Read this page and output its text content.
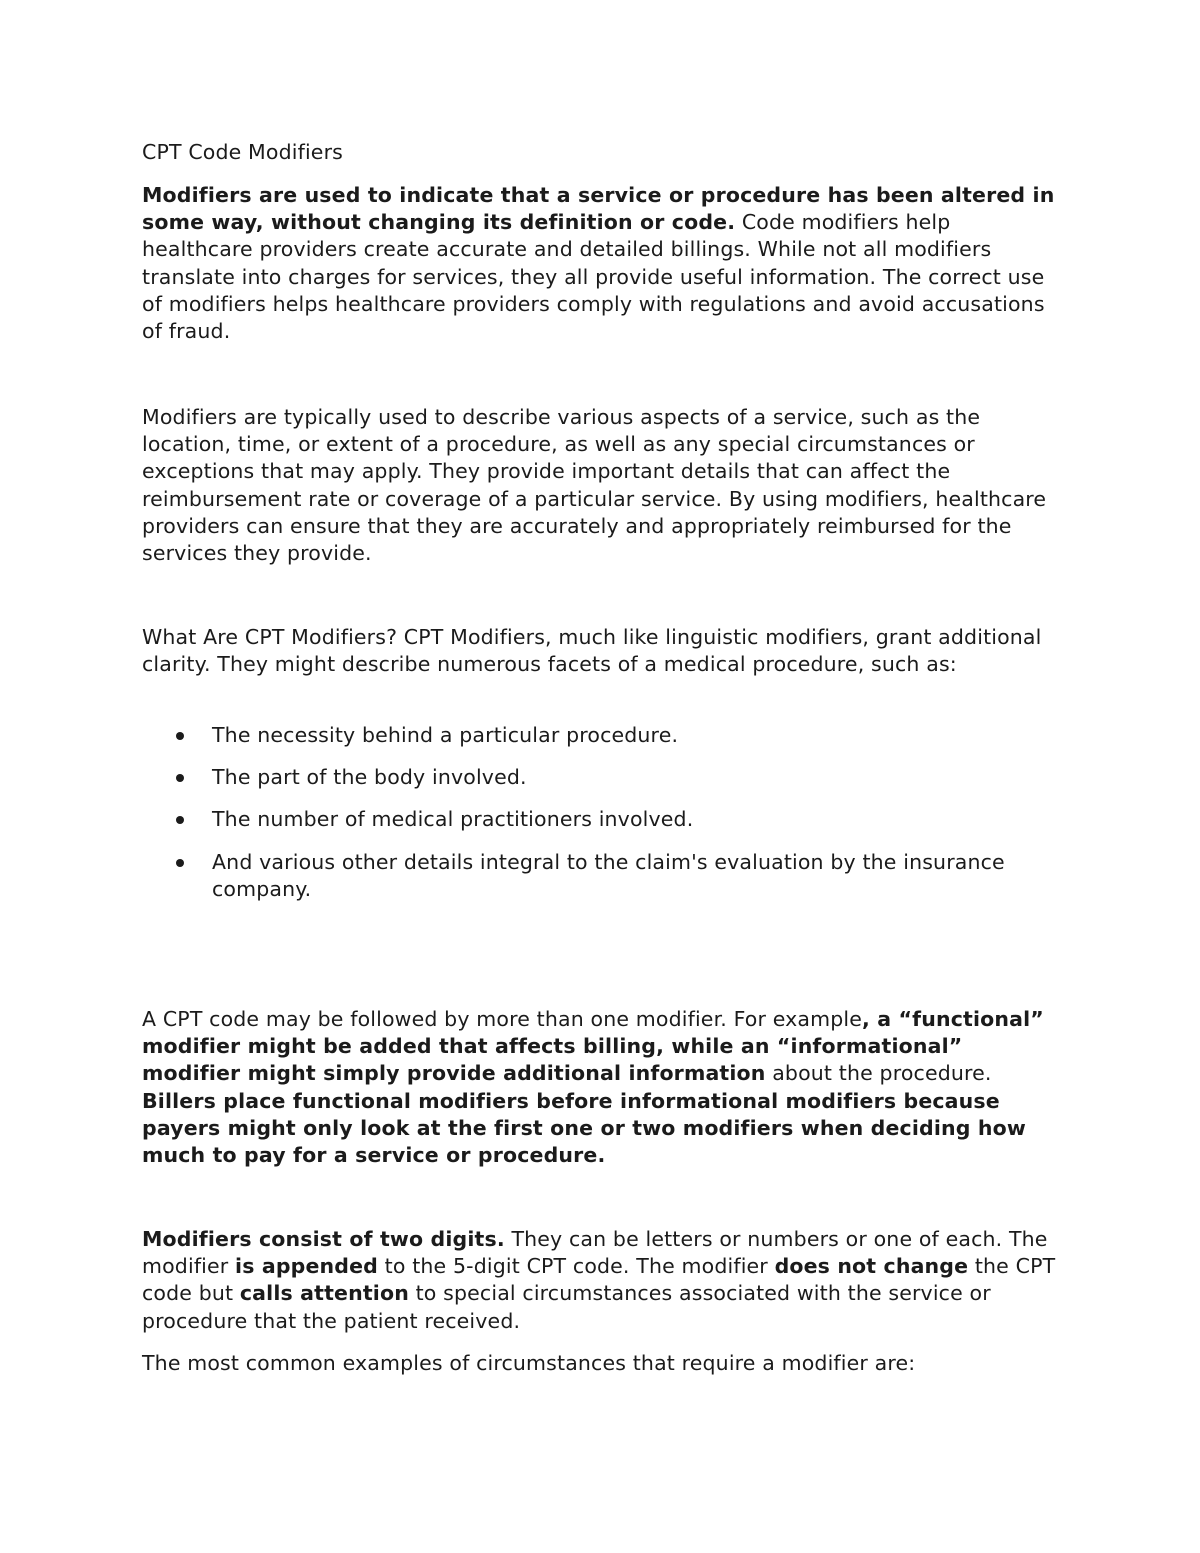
CPT Code Modifiers

Modifiers are used to indicate that a service or procedure has been altered in some way, without changing its definition or code. Code modifiers help healthcare providers create accurate and detailed billings. While not all modifiers translate into charges for services, they all provide useful information. The correct use of modifiers helps healthcare providers comply with regulations and avoid accusations of fraud.

Modifiers are typically used to describe various aspects of a service, such as the location, time, or extent of a procedure, as well as any special circumstances or exceptions that may apply. They provide important details that can affect the reimbursement rate or coverage of a particular service. By using modifiers, healthcare providers can ensure that they are accurately and appropriately reimbursed for the services they provide.

What Are CPT Modifiers? CPT Modifiers, much like linguistic modifiers, grant additional clarity. They might describe numerous facets of a medical procedure, such as:

The necessity behind a particular procedure.
The part of the body involved.
The number of medical practitioners involved.
And various other details integral to the claim's evaluation by the insurance company.

A CPT code may be followed by more than one modifier. For example, a “functional” modifier might be added that affects billing, while an “informational” modifier might simply provide additional information about the procedure. Billers place functional modifiers before informational modifiers because payers might only look at the first one or two modifiers when deciding how much to pay for a service or procedure.

Modifiers consist of two digits. They can be letters or numbers or one of each. The modifier is appended to the 5-digit CPT code. The modifier does not change the CPT code but calls attention to special circumstances associated with the service or procedure that the patient received.

The most common examples of circumstances that require a modifier are:
